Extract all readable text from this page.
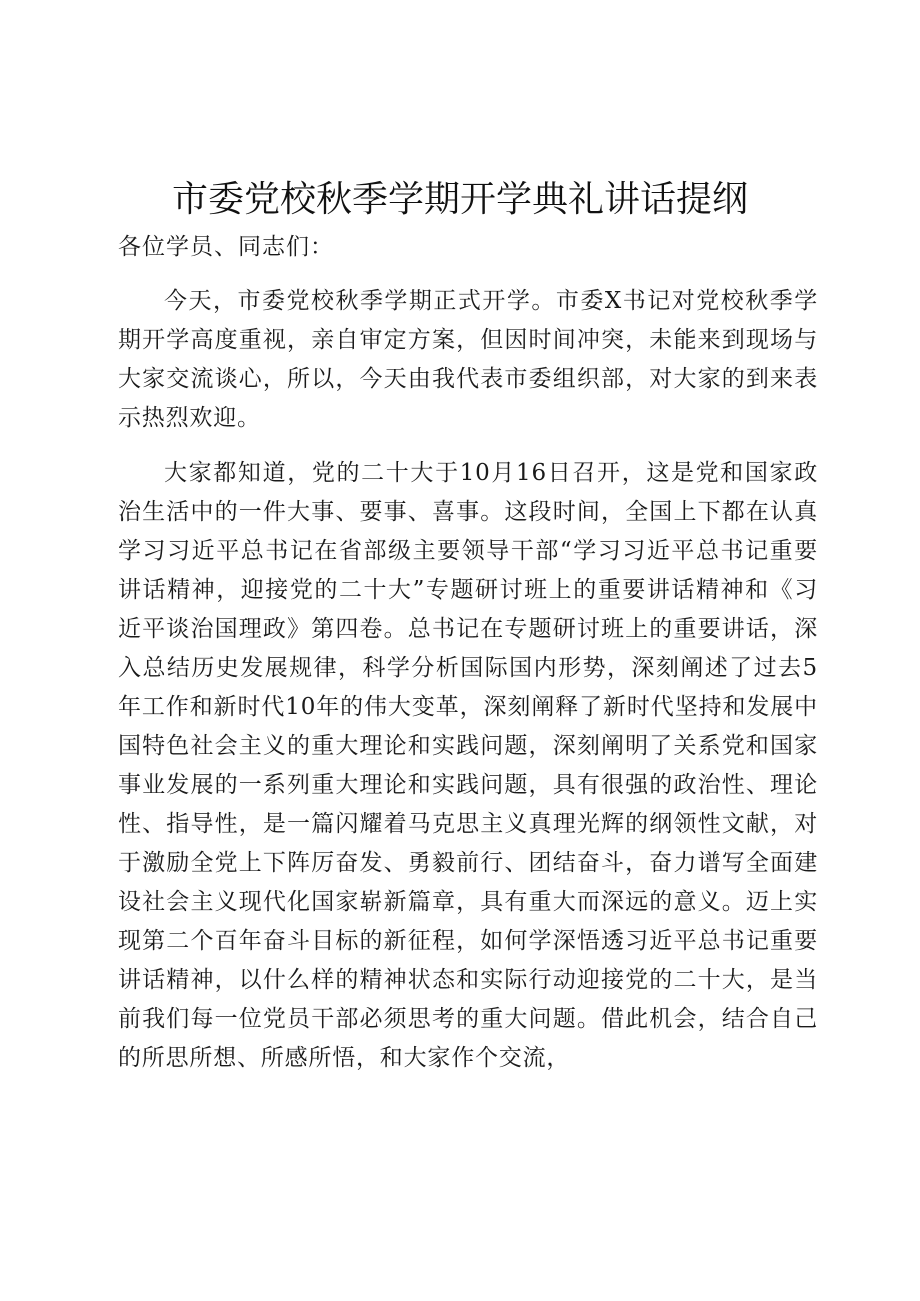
市委党校秋季学期开学典礼讲话提纲

各位学员、同志们：

今天，市委党校秋季学期正式开学。市委X书记对党校秋季学期开学高度重视，亲自审定方案，但因时间冲突，未能来到现场与大家交流谈心，所以，今天由我代表市委组织部，对大家的到来表示热烈欢迎。

大家都知道，党的二十大于10月16日召开，这是党和国家政治生活中的一件大事、要事、喜事。这段时间，全国上下都在认真学习习近平总书记在省部级主要领导干部“学习习近平总书记重要讲话精神，迎接党的二十大”专题研讨班上的重要讲话精神和《习近平谈治国理政》第四卷。总书记在专题研讨班上的重要讲话，深入总结历史发展规律，科学分析国际国内形势，深刻阐述了过去5年工作和新时代10年的伟大变革，深刻阐释了新时代坚持和发展中国特色社会主义的重大理论和实践问题，深刻阐明了关系党和国家事业发展的一系列重大理论和实践问题，具有很强的政治性、理论性、指导性，是一篇闪耀着马克思主义真理光辉的纲领性文献，对于激励全党上下阵厉奋发、勇毅前行、团结奋斗，奋力谱写全面建设社会主义现代化国家崭新篇章，具有重大而深远的意义。迈上实现第二个百年奋斗目标的新征程，如何学深悟透习近平总书记重要讲话精神，以什么样的精神状态和实际行动迎接党的二十大，是当前我们每一位党员干部必须思考的重大问题。借此机会，结合自己的所思所想、所感所悟，和大家作个交流，
